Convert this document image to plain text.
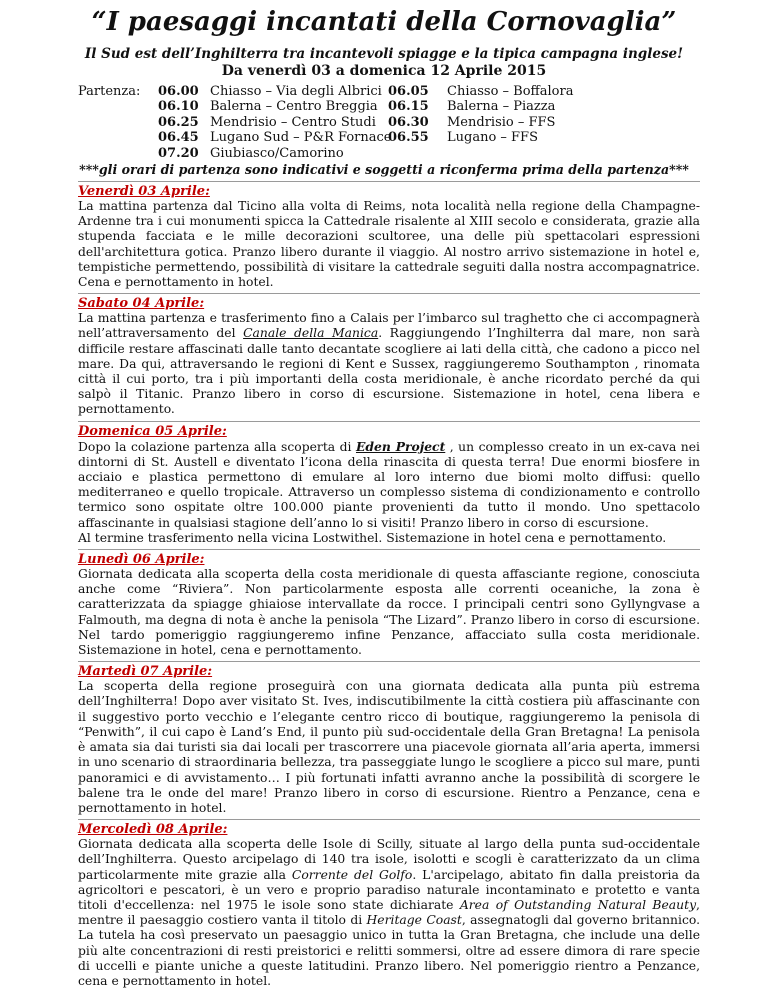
“I paesaggi incantati della Cornovaglia”
Il Sud est dell’Inghilterra tra incantevoli spiagge e la tipica campagna inglese!
Da venerdì 03 a domenica 12 Aprile 2015
Partenza: 06.00
06.10
06.25
06.45
07.20
Chiasso – Via degli Albrici
Balerna – Centro Breggia
Mendrisio – Centro Studi
Lugano Sud – P&R Fornace
Giubiasco/Camorino
06.05
06.15
06.30
06.55
Chiasso – Boffalora
Balerna – Piazza
Mendrisio – FFS
Lugano – FFS
***gli orari di partenza sono indicativi e soggetti a riconferma prima della partenza***
Venerdì 03 Aprile:
La mattina partenza dal Ticino alla volta di Reims, nota località nella regione della Champagne-Ardenne tra i cui monumenti spicca la Cattedrale risalente al XIII secolo e considerata, grazie alla stupenda facciata e le mille decorazioni scultoree, una delle più spettacolari espressioni dell'architettura gotica. Pranzo libero durante il viaggio. Al nostro arrivo sistemazione in hotel e, tempistiche permettendo, possibilità di visitare la cattedrale seguiti dalla nostra accompagnatrice. Cena e pernottamento in hotel.
Sabato 04 Aprile:
La mattina partenza e trasferimento fino a Calais per l’imbarco sul traghetto che ci accompagnerà nell’attraversamento del Canale della Manica. Raggiungendo l’Inghilterra dal mare, non sarà difficile restare affascinati dalle tanto decantate scogliere ai lati della città, che cadono a picco nel mare. Da qui, attraversando le regioni di Kent e Sussex, raggiungeremo Southampton , rinomata città il cui porto, tra i più importanti della costa meridionale, è anche ricordato perché da qui salpò il Titanic. Pranzo libero in corso di escursione. Sistemazione in hotel, cena libera e pernottamento.
Domenica 05 Aprile:
Dopo la colazione partenza alla scoperta di Eden Project , un complesso creato in un ex-cava nei dintorni di St. Austell e diventato l’icona della rinascita di questa terra! Due enormi biosfere in acciaio e plastica permettono di emulare al loro interno due biomi molto diffusi: quello mediterraneo e quello tropicale. Attraverso un complesso sistema di condizionamento e controllo termico sono ospitate oltre 100.000 piante provenienti da tutto il mondo. Uno spettacolo affascinante in qualsiasi stagione dell’anno lo si visiti! Pranzo libero in corso di escursione.
Al termine trasferimento nella vicina Lostwithel. Sistemazione in hotel cena e pernottamento.
Lunedì 06 Aprile:
Giornata dedicata alla scoperta della costa meridionale di questa affasciante regione, conosciuta anche come “Riviera”. Non particolarmente esposta alle correnti oceaniche, la zona è caratterizzata da spiagge ghiaiose intervallate da rocce. I principali centri sono Gyllyngvase a Falmouth, ma degna di nota è anche la penisola “The Lizard”. Pranzo libero in corso di escursione. Nel tardo pomeriggio raggiungeremo infine Penzance, affacciato sulla costa meridionale. Sistemazione in hotel, cena e pernottamento.
Martedì 07 Aprile:
La scoperta della regione proseguirà con una giornata dedicata alla punta più estrema dell’Inghilterra! Dopo aver visitato St. Ives, indiscutibilmente la città costiera più affascinante con il suggestivo porto vecchio e l’elegante centro ricco di boutique, raggiungeremo la penisola di “Penwith”, il cui capo è Land’s End, il punto più sud-occidentale della Gran Bretagna! La penisola è amata sia dai turisti sia dai locali per trascorrere una piacevole giornata all’aria aperta, immersi in uno scenario di straordinaria bellezza, tra passeggiate lungo le scogliere a picco sul mare, punti panoramici e di avvistamento… I più fortunati infatti avranno anche la possibilità di scorgere le balene tra le onde del mare! Pranzo libero in corso di escursione. Rientro a Penzance, cena e pernottamento in hotel.
Mercoledì 08 Aprile:
Giornata dedicata alla scoperta delle Isole di Scilly, situate al largo della punta sud-occidentale dell’Inghilterra. Questo arcipelago di 140 tra isole, isolotti e scogli è caratterizzato da un clima particolarmente mite grazie alla Corrente del Golfo. L'arcipelago, abitato fin dalla preistoria da agricoltori e pescatori, è un vero e proprio paradiso naturale incontaminato e protetto e vanta titoli d'eccellenza: nel 1975 le isole sono state dichiarate Area of Outstanding Natural Beauty, mentre il paesaggio costiero vanta il titolo di Heritage Coast, assegnatogli dal governo britannico. La tutela ha così preservato un paesaggio unico in tutta la Gran Bretagna, che include una delle più alte concentrazioni di resti preistorici e relitti sommersi, oltre ad essere dimora di rare specie di uccelli e piante uniche a queste latitudini. Pranzo libero. Nel pomeriggio rientro a Penzance, cena e pernottamento in hotel.
